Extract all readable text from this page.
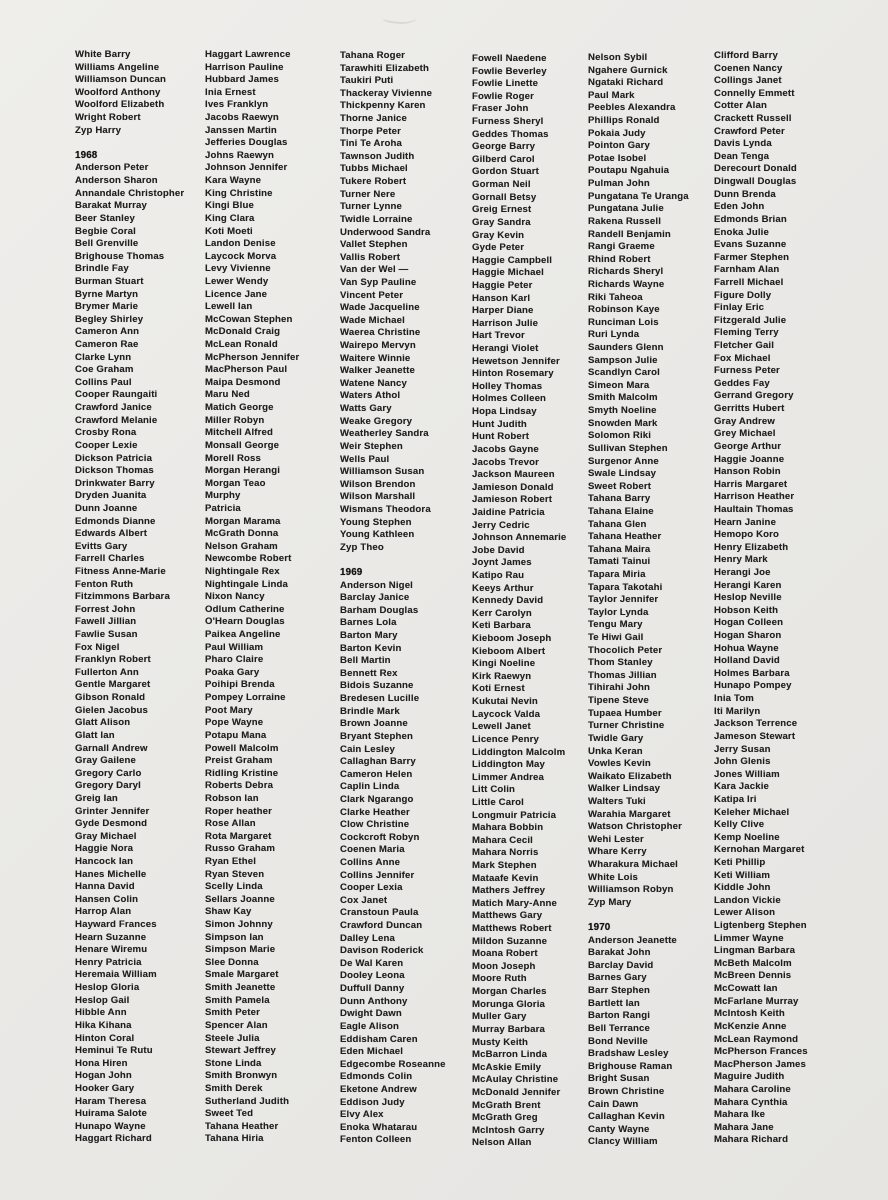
White Barry
Williams Angeline
Williamson Duncan
Woolford Anthony
Woolford Elizabeth
Wright Robert
Zyp Harry
1968
Anderson Peter
Anderson Sharon
Annandale Christopher
Barakat Murray
Beer Stanley
Begbie Coral
Bell Grenville
Brighouse Thomas
Brindle Fay
Burman Stuart
Byrne Martyn
Brymer Marie
Begley Shirley
Cameron Ann
Cameron Rae
Clarke Lynn
Coe Graham
Collins Paul
Cooper Raungaiti
Crawford Janice
Crawford Melanie
Crosby Rona
Cooper Lexie
Dickson Patricia
Dickson Thomas
Drinkwater Barry
Dryden Juanita
Dunn Joanne
Edmonds Dianne
Edwards Albert
Evitts Gary
Farrell Charles
Fitness Anne-Marie
Fenton Ruth
Fitzimmons Barbara
Forrest John
Fawell Jillian
Fawlie Susan
Fox Nigel
Franklyn Robert
Fullerton Ann
Gentle Margaret
Gibson Ronald
Gielen Jacobus
Glatt Alison
Glatt Ian
Garnall Andrew
Gray Gailene
Gregory Carlo
Gregory Daryl
Greig Ian
Grinter Jennifer
Gyde Desmond
Gray Michael
Haggie Nora
Hancock Ian
Hanes Michelle
Hanna David
Hansen Colin
Harrop Alan
Hayward Frances
Hearn Suzanne
Henare Wiremu
Henry Patricia
Heremaia William
Heslop Gloria
Heslop Gail
Hibble Ann
Hika Kihana
Hinton Coral
Heminui Te Rutu
Hona Hiren
Hogan John
Hooker Gary
Haram Theresa
Huirama Salote
Hunapo Wayne
Haggart Richard
Haggart Lawrence
Harrison Pauline
Hubbard James
Inia Ernest
Ives Franklyn
Jacobs Raewyn
Janssen Martin
Jefferies Douglas
Johns Raewyn
Johnson Jennifer
Kara Wayne
King Christine
Kingi Blue
King Clara
Koti Moeti
Landon Denise
Laycock Morva
Levy Vivienne
Lewer Wendy
Licence Jane
Lewell Ian
McCowan Stephen
McDonald Craig
McLean Ronald
McPherson Jennifer
MacPherson Paul
Maipa Desmond
Maru Ned
Matich George
Miller Robyn
Mitchell Alfred
Monsall George
Morell Ross
Morgan Herangi
Morgan Teao
Murphy
Patricia
Morgan Marama
McGrath Donna
Nelson Graham
Newcombe Robert
Nightingale Rex
Nightingale Linda
Nixon Nancy
Odlum Catherine
O'Hearn Douglas
Paikea Angeline
Paul William
Pharo Claire
Poaka Gary
Poihipi Brenda
Pompey Lorraine
Poot Mary
Pope Wayne
Potapu Mana
Powell Malcolm
Preist Graham
Ridling Kristine
Roberts Debra
Robson Ian
Roper heather
Rose Allan
Rota Margaret
Russo Graham
Ryan Ethel
Ryan Steven
Scelly Linda
Sellars Joanne
Shaw Kay
Simon Johnny
Simpson Ian
Simpson Marie
Slee Donna
Smale Margaret
Smith Jeanette
Smith Pamela
Smith Peter
Spencer Alan
Steele Julia
Stewart Jeffrey
Stone Linda
Smith Bronwyn
Smith Derek
Sutherland Judith
Sweet Ted
Tahana Heather
Tahana Hiria
Tahana Roger
Tarawhiti Elizabeth
Taukiri Puti
Thackeray Vivienne
Thickpenny Karen
Thorne Janice
Thorpe Peter
Tini Te Aroha
Tawnson Judith
Tubbs Michael
Tukere Robert
Turner Nere
Turner Lynne
Twidle Lorraine
Underwood Sandra
Vallet Stephen
Vallis Robert
Van der Wel —
Van Syp Pauline
Vincent Peter
Wade Jacqueline
Wade Michael
Waerea Christine
Wairepo Mervyn
Waitere Winnie
Walker Jeanette
Watene Nancy
Waters Athol
Watts Gary
Weake Gregory
Weatherley Sandra
Weir Stephen
Wells Paul
Williamson Susan
Wilson Brendon
Wilson Marshall
Wismans Theodora
Young Stephen
Young Kathleen
Zyp Theo
1969
Anderson Nigel
Barclay Janice
Barham Douglas
Barnes Lola
Barton Mary
Barton Kevin
Bell Martin
Bennett Rex
Bidois Suzanne
Bredesen Lucille
Brindle Mark
Brown Joanne
Bryant Stephen
Cain Lesley
Callaghan Barry
Cameron Helen
Caplin Linda
Clark Ngarango
Clarke Heather
Clow Christine
Cockcroft Robyn
Coenen Maria
Collins Anne
Collins Jennifer
Cooper Lexia
Cox Janet
Cranstoun Paula
Crawford Duncan
Dalley Lena
Davison Roderick
De Wal Karen
Dooley Leona
Duffull Danny
Dunn Anthony
Dwight Dawn
Eagle Alison
Eddisham Caren
Eden Michael
Edgecombe Roseanne
Edmonds Colin
Eketone Andrew
Eddison Judy
Elvy Alex
Enoka Whatarau
Fenton Colleen
Fowell Naedene
Fowlie Beverley
Fowlie Linette
Fowlie Roger
Fraser John
Furness Sheryl
Geddes Thomas
George Barry
Gilberd Carol
Gordon Stuart
Gorman Neil
Gornall Betsy
Greig Ernest
Gray Sandra
Gray Kevin
Gyde Peter
Haggie Campbell
Haggie Michael
Haggie Peter
Hanson Karl
Harper Diane
Harrison Julie
Hart Trevor
Herangi Violet
Hewetson Jennifer
Hinton Rosemary
Holley Thomas
Holmes Colleen
Hopa Lindsay
Hunt Judith
Hunt Robert
Jacobs Gayne
Jacobs Trevor
Jackson Maureen
Jamieson Donald
Jamieson Robert
Jaidine Patricia
Jerry Cedric
Johnson Annemarie
Jobe David
Joynt James
Katipo Rau
Keeys Arthur
Kennedy David
Kerr Carolyn
Keti Barbara
Kieboom Joseph
Kieboom Albert
Kingi Noeline
Kirk Raewyn
Koti Ernest
Kukutai Nevin
Laycock Valda
Lewell Janet
Licence Penry
Liddington Malcolm
Liddington May
Limmer Andrea
Litt Colin
Little Carol
Longmuir Patricia
Mahara Bobbin
Mahara Cecil
Mahara Norris
Mark Stephen
Mataafe Kevin
Mathers Jeffrey
Matich Mary-Anne
Matthews Gary
Matthews Robert
Mildon Suzanne
Moana Robert
Moon Joseph
Moore Ruth
Morgan Charles
Morunga Gloria
Muller Gary
Murray Barbara
Musty Keith
McBarron Linda
McAskie Emily
McAulay Christine
McDonald Jennifer
McGrath Brent
McGrath Greg
McIntosh Garry
Nelson Allan
Nelson Sybil
Ngahere Gurnick
Ngataki Richard
Paul Mark
Peebles Alexandra
Phillips Ronald
Pokaia Judy
Pointon Gary
Potae Isobel
Poutapu Ngahuia
Pulman John
Pungatana Te Uranga
Pungatana Julie
Rakena Russell
Randell Benjamin
Rangi Graeme
Rhind Robert
Richards Sheryl
Richards Wayne
Riki Taheoa
Robinson Kaye
Runciman Lois
Ruri Lynda
Saunders Glenn
Sampson Julie
Scandlyn Carol
Simeon Mara
Smith Malcolm
Smyth Noeline
Snowden Mark
Solomon Riki
Sullivan Stephen
Surgenor Anne
Swale Lindsay
Sweet Robert
Tahana Barry
Tahana Elaine
Tahana Glen
Tahana Heather
Tahana Maira
Tamati Tainui
Tapara Miria
Tapara Takotahi
Taylor Jennifer
Taylor Lynda
Tengu Mary
Te Hiwi Gail
Thocolich Peter
Thom Stanley
Thomas Jillian
Tihirahi John
Tipene Steve
Tupaea Humber
Turner Christine
Twidle Gary
Unka Keran
Vowles Kevin
Waikato Elizabeth
Walker Lindsay
Walters Tuki
Warahia Margaret
Watson Christopher
Wehi Lester
Whare Kerry
Wharakura Michael
White Lois
Williamson Robyn
Zyp Mary
1970
Anderson Jeanette
Barakat John
Barclay David
Barnes Gary
Barr Stephen
Bartlett Ian
Barton Rangi
Bell Terrance
Bond Neville
Bradshaw Lesley
Brighouse Raman
Bright Susan
Brown Christine
Cain Dawn
Callaghan Kevin
Canty Wayne
Clancy William
Clifford Barry
Coenen Nancy
Collings Janet
Connelly Emmett
Cotter Alan
Crackett Russell
Crawford Peter
Davis Lynda
Dean Tenga
Derecourt Donald
Dingwall Douglas
Dunn Brenda
Eden John
Edmonds Brian
Enoka Julie
Evans Suzanne
Farmer Stephen
Farnham Alan
Farrell Michael
Figure Dolly
Finlay Eric
Fitzgerald Julie
Fleming Terry
Fletcher Gail
Fox Michael
Furness Peter
Geddes Fay
Gerrand Gregory
Gerritts Hubert
Gray Andrew
Grey Michael
George Arthur
Haggie Joanne
Hanson Robin
Harris Margaret
Harrison Heather
Haultain Thomas
Hearn Janine
Hemopo Koro
Henry Elizabeth
Henry Mark
Herangi Joe
Herangi Karen
Heslop Neville
Hobson Keith
Hogan Colleen
Hogan Sharon
Hohua Wayne
Holland David
Holmes Barbara
Hunapo Pompey
Inia Tom
Iti Marilyn
Jackson Terrence
Jameson Stewart
Jerry Susan
John Glenis
Jones William
Kara Jackie
Katipa Iri
Keleher Michael
Kelly Clive
Kemp Noeline
Kernohan Margaret
Keti Phillip
Keti William
Kiddle John
Landon Vickie
Lewer Alison
Ligtenberg Stephen
Limmer Wayne
Lingman Barbara
McBeth Malcolm
McBreen Dennis
McCowatt Ian
McFarlane Murray
McIntosh Keith
McKenzie Anne
McLean Raymond
McPherson Frances
MacPherson James
Maguire Judith
Mahara Caroline
Mahara Cynthia
Mahara Ike
Mahara Jane
Mahara Richard
